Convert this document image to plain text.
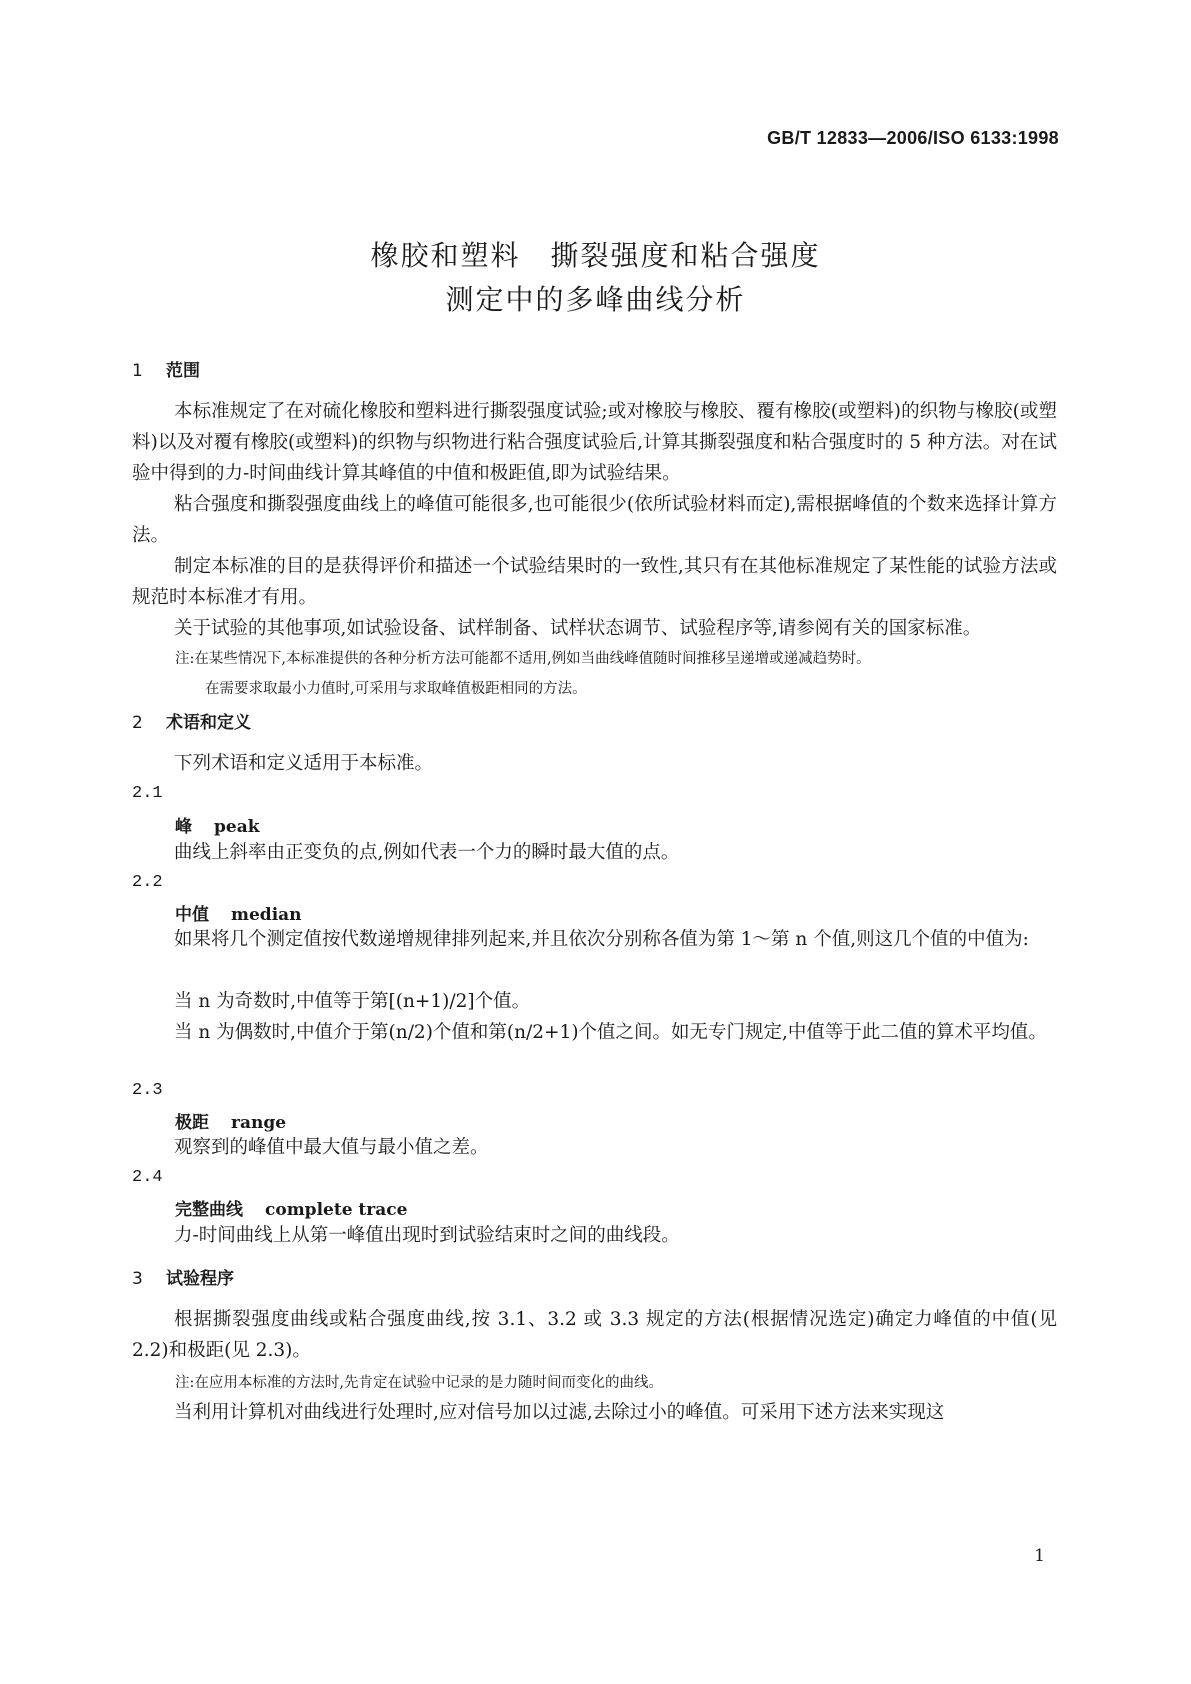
GB/T 12833—2006/ISO 6133:1998
橡胶和塑料　撕裂强度和粘合强度
测定中的多峰曲线分析
1 范围
本标准规定了在对硫化橡胶和塑料进行撕裂强度试验;或对橡胶与橡胶、覆有橡胶(或塑料)的织物与橡胶(或塑料)以及对覆有橡胶(或塑料)的织物与织物进行粘合强度试验后,计算其撕裂强度和粘合强度时的 5 种方法。对在试验中得到的力-时间曲线计算其峰值的中值和极距值,即为试验结果。
粘合强度和撕裂强度曲线上的峰值可能很多,也可能很少(依所试验材料而定),需根据峰值的个数来选择计算方法。
制定本标准的目的是获得评价和描述一个试验结果时的一致性,其只有在其他标准规定了某性能的试验方法或规范时本标准才有用。
关于试验的其他事项,如试验设备、试样制备、试样状态调节、试验程序等,请参阅有关的国家标准。
注:在某些情况下,本标准提供的各种分析方法可能都不适用,例如当曲线峰值随时间推移呈递增或递减趋势时。
在需要求取最小力值时,可采用与求取峰值极距相同的方法。
2 术语和定义
下列术语和定义适用于本标准。
2.1
峰 peak
曲线上斜率由正变负的点,例如代表一个力的瞬时最大值的点。
2.2
中值 median
如果将几个测定值按代数递增规律排列起来,并且依次分别称各值为第 1～第 n 个值,则这几个值的中值为:
当 n 为奇数时,中值等于第[(n+1)/2]个值。
当 n 为偶数时,中值介于第(n/2)个值和第(n/2+1)个值之间。如无专门规定,中值等于此二值的算术平均值。
2.3
极距 range
观察到的峰值中最大值与最小值之差。
2.4
完整曲线 complete trace
力-时间曲线上从第一峰值出现时到试验结束时之间的曲线段。
3 试验程序
根据撕裂强度曲线或粘合强度曲线,按 3.1、3.2 或 3.3 规定的方法(根据情况选定)确定力峰值的中值(见 2.2)和极距(见 2.3)。
注:在应用本标准的方法时,先肯定在试验中记录的是力随时间而变化的曲线。
当利用计算机对曲线进行处理时,应对信号加以过滤,去除过小的峰值。可采用下述方法来实现这
1
